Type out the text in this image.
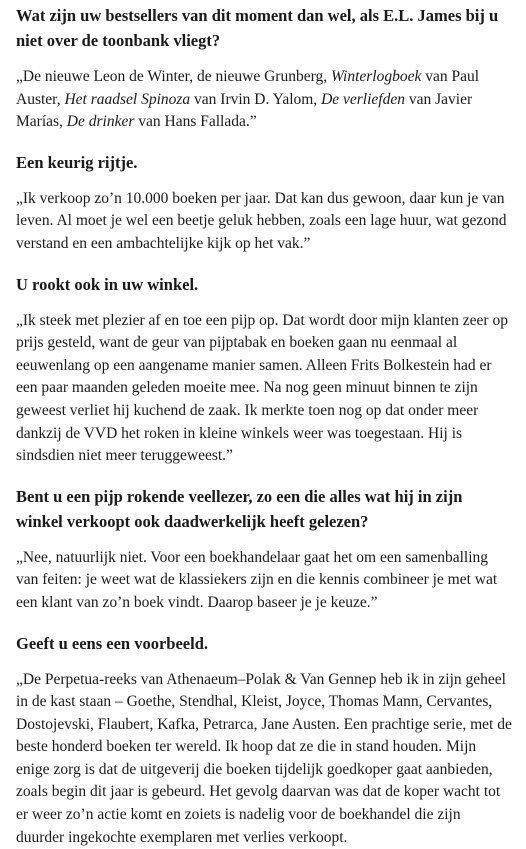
Wat zijn uw bestsellers van dit moment dan wel, als E.L. James bij u niet over de toonbank vliegt?

„De nieuwe Leon de Winter, de nieuwe Grunberg, Winterlogboek van Paul Auster, Het raadsel Spinoza van Irvin D. Yalom, De verliefden van Javier Marías, De drinker van Hans Fallada.”

Een keurig rijtje.

„Ik verkoop zo’n 10.000 boeken per jaar. Dat kan dus gewoon, daar kun je van leven. Al moet je wel een beetje geluk hebben, zoals een lage huur, wat gezond verstand en een ambachtelijke kijk op het vak.”

U rookt ook in uw winkel.

„Ik steek met plezier af en toe een pijp op. Dat wordt door mijn klanten zeer op prijs gesteld, want de geur van pijptabak en boeken gaan nu eenmaal al eeuwenlang op een aangename manier samen. Alleen Frits Bolkestein had er een paar maanden geleden moeite mee. Na nog geen minuut binnen te zijn geweest verliet hij kuchend de zaak. Ik merkte toen nog op dat onder meer dankzij de VVD het roken in kleine winkels weer was toegestaan. Hij is sindsdien niet meer teruggeweest.”

Bent u een pijp rokende veellezer, zo een die alles wat hij in zijn winkel verkoopt ook daadwerkelijk heeft gelezen?

„Nee, natuurlijk niet. Voor een boekhandelaar gaat het om een samenballing van feiten: je weet wat de klassiekers zijn en die kennis combineer je met wat een klant van zo’n boek vindt. Daarop baseer je je keuze.”

Geeft u eens een voorbeeld.

„De Perpetua-reeks van Athenaeum–Polak & Van Gennep heb ik in zijn geheel in de kast staan – Goethe, Stendhal, Kleist, Joyce, Thomas Mann, Cervantes, Dostojevski, Flaubert, Kafka, Petrarca, Jane Austen. Een prachtige serie, met de beste honderd boeken ter wereld. Ik hoop dat ze die in stand houden. Mijn enige zorg is dat de uitgeverij die boeken tijdelijk goedkoper gaat aanbieden, zoals begin dit jaar is gebeurd. Het gevolg daarvan was dat de koper wacht tot er weer zo’n actie komt en zoiets is nadelig voor de boekhandel die zijn duurder ingekochte exemplaren met verlies verkoopt.
